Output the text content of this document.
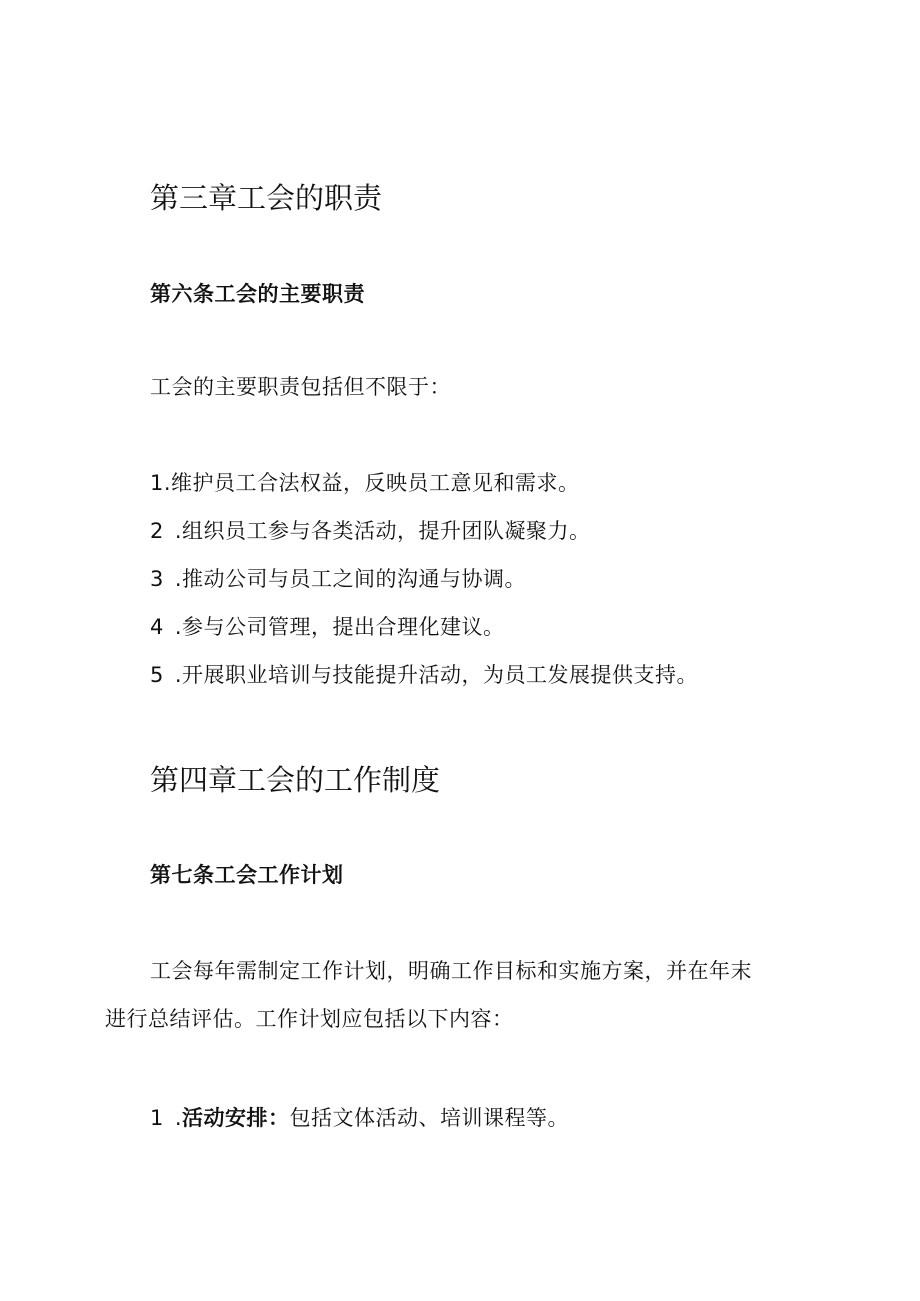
第三章工会的职责
第六条工会的主要职责
工会的主要职责包括但不限于：
1.维护员工合法权益，反映员工意见和需求。
2 .组织员工参与各类活动，提升团队凝聚力。
3 .推动公司与员工之间的沟通与协调。
4 .参与公司管理，提出合理化建议。
5 .开展职业培训与技能提升活动，为员工发展提供支持。
第四章工会的工作制度
第七条工会工作计划
工会每年需制定工作计划，明确工作目标和实施方案，并在年末
进行总结评估。工作计划应包括以下内容：
1 .活动安排：包括文体活动、培训课程等。
